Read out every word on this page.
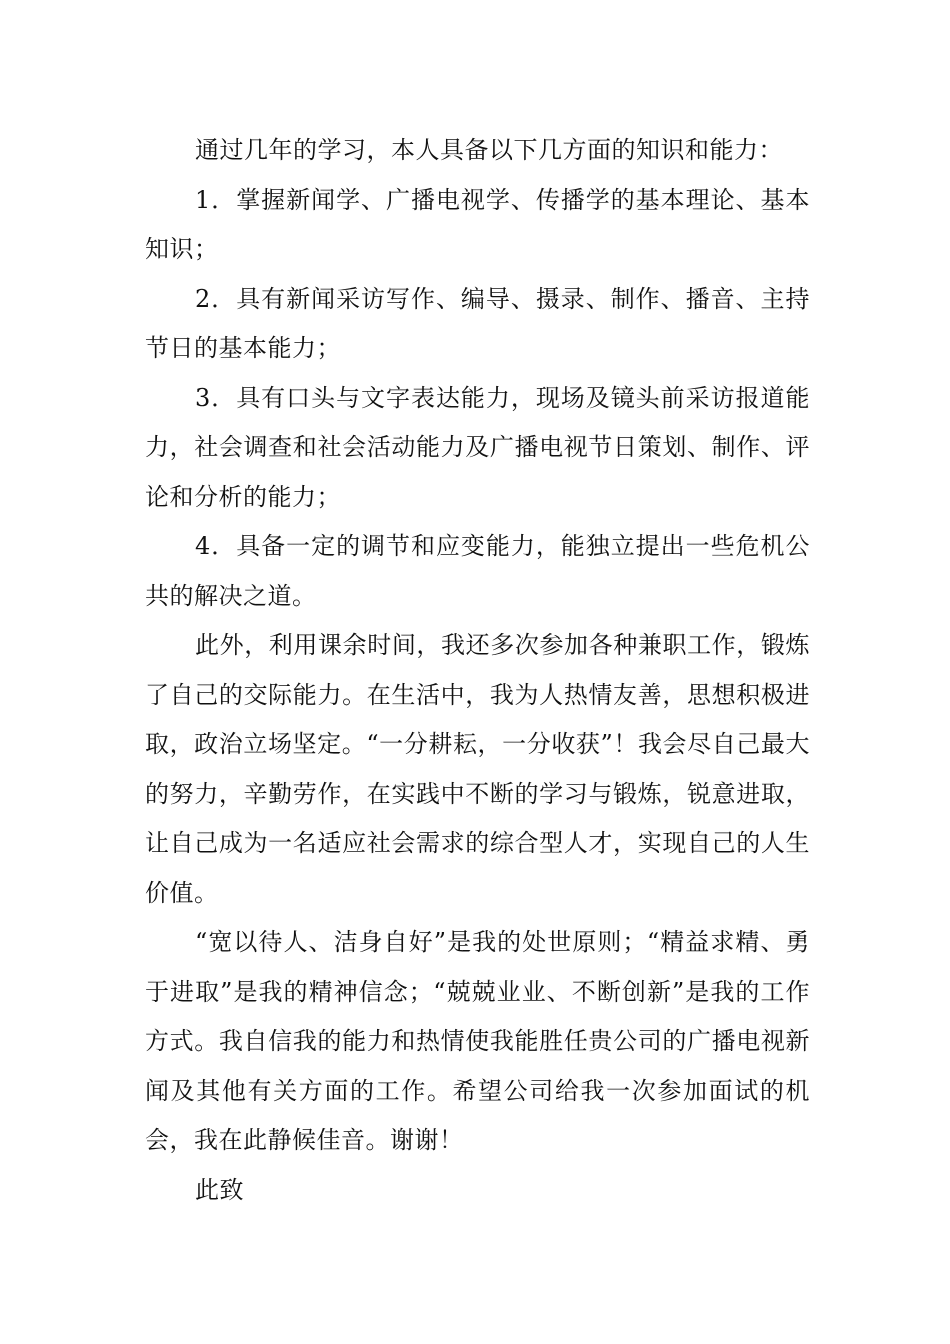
通过几年的学习，本人具备以下几方面的知识和能力：

1．掌握新闻学、广播电视学、传播学的基本理论、基本知识；

2．具有新闻采访写作、编导、摄录、制作、播音、主持节日的基本能力；

3．具有口头与文字表达能力，现场及镜头前采访报道能力，社会调查和社会活动能力及广播电视节日策划、制作、评论和分析的能力；

4．具备一定的调节和应变能力，能独立提出一些危机公共的解决之道。

此外，利用课余时间，我还多次参加各种兼职工作，锻炼了自己的交际能力。在生活中，我为人热情友善，思想积极进取，政治立场坚定。“一分耕耘，一分收获”！我会尽自己最大的努力，辛勤劳作，在实践中不断的学习与锻炼，锐意进取，让自己成为一名适应社会需求的综合型人才，实现自己的人生价值。

“宽以待人、洁身自好”是我的处世原则；“精益求精、勇于进取”是我的精神信念；“兢兢业业、不断创新”是我的工作方式。我自信我的能力和热情使我能胜任贵公司的广播电视新闻及其他有关方面的工作。希望公司给我一次参加面试的机会，我在此静候佳音。谢谢！

此致
